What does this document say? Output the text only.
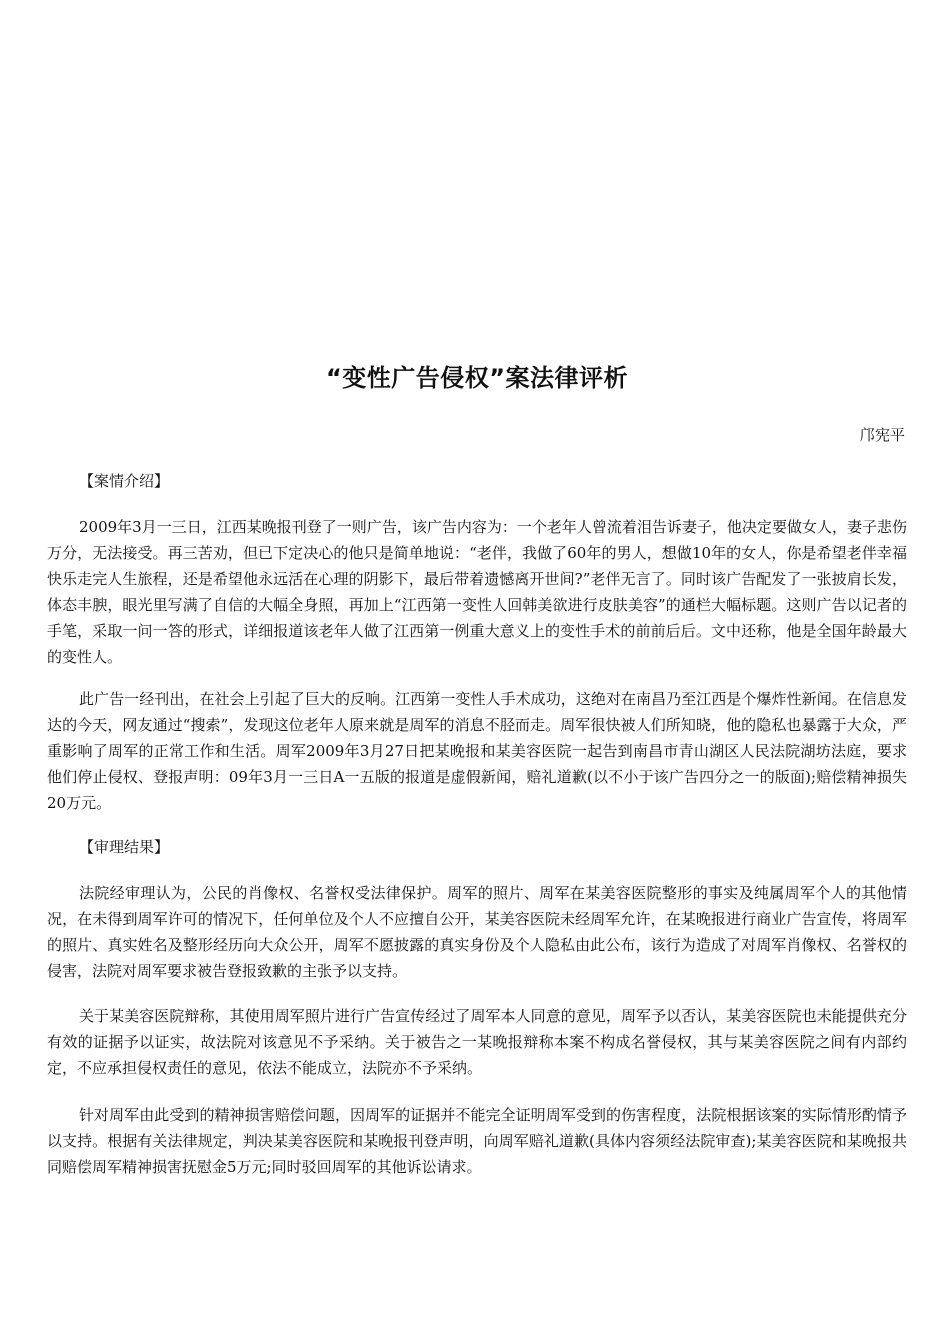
“变性广告侵权”案法律评析

邝宪平

【案情介绍】

2009年3月一三日，江西某晚报刊登了一则广告，该广告内容为：一个老年人曾流着泪告诉妻子，他决定要做女人，妻子悲伤万分，无法接受。再三苦劝，但已下定决心的他只是简单地说：“老伴，我做了60年的男人，想做10年的女人，你是希望老伴幸福快乐走完人生旅程，还是希望他永远活在心理的阴影下，最后带着遗憾离开世间?”老伴无言了。同时该广告配发了一张披肩长发，体态丰腴，眼光里写满了自信的大幅全身照，再加上“江西第一变性人回韩美欲进行皮肤美容”的通栏大幅标题。这则广告以记者的手笔，采取一问一答的形式，详细报道该老年人做了江西第一例重大意义上的变性手术的前前后后。文中还称，他是全国年龄最大的变性人。

此广告一经刊出，在社会上引起了巨大的反响。江西第一变性人手术成功，这绝对在南昌乃至江西是个爆炸性新闻。在信息发达的今天，网友通过“搜索”，发现这位老年人原来就是周军的消息不胫而走。周军很快被人们所知晓，他的隐私也暴露于大众，严重影响了周军的正常工作和生活。周军2009年3月27日把某晚报和某美容医院一起告到南昌市青山湖区人民法院湖坊法庭，要求他们停止侵权、登报声明：09年3月一三日A一五版的报道是虚假新闻，赔礼道歉(以不小于该广告四分之一的版面);赔偿精神损失20万元。

【审理结果】

法院经审理认为，公民的肖像权、名誉权受法律保护。周军的照片、周军在某美容医院整形的事实及纯属周军个人的其他情况，在未得到周军许可的情况下，任何单位及个人不应擅自公开，某美容医院未经周军允许，在某晚报进行商业广告宣传，将周军的照片、真实姓名及整形经历向大众公开，周军不愿披露的真实身份及个人隐私由此公布，该行为造成了对周军肖像权、名誉权的侵害，法院对周军要求被告登报致歉的主张予以支持。

关于某美容医院辩称，其使用周军照片进行广告宣传经过了周军本人同意的意见，周军予以否认，某美容医院也未能提供充分有效的证据予以证实，故法院对该意见不予采纳。关于被告之一某晚报辩称本案不构成名誉侵权，其与某美容医院之间有内部约定，不应承担侵权责任的意见，依法不能成立，法院亦不予采纳。

针对周军由此受到的精神损害赔偿问题，因周军的证据并不能完全证明周军受到的伤害程度，法院根据该案的实际情形酌情予以支持。根据有关法律规定，判决某美容医院和某晚报刊登声明，向周军赔礼道歉(具体内容须经法院审查);某美容医院和某晚报共同赔偿周军精神损害抚慰金5万元;同时驳回周军的其他诉讼请求。
